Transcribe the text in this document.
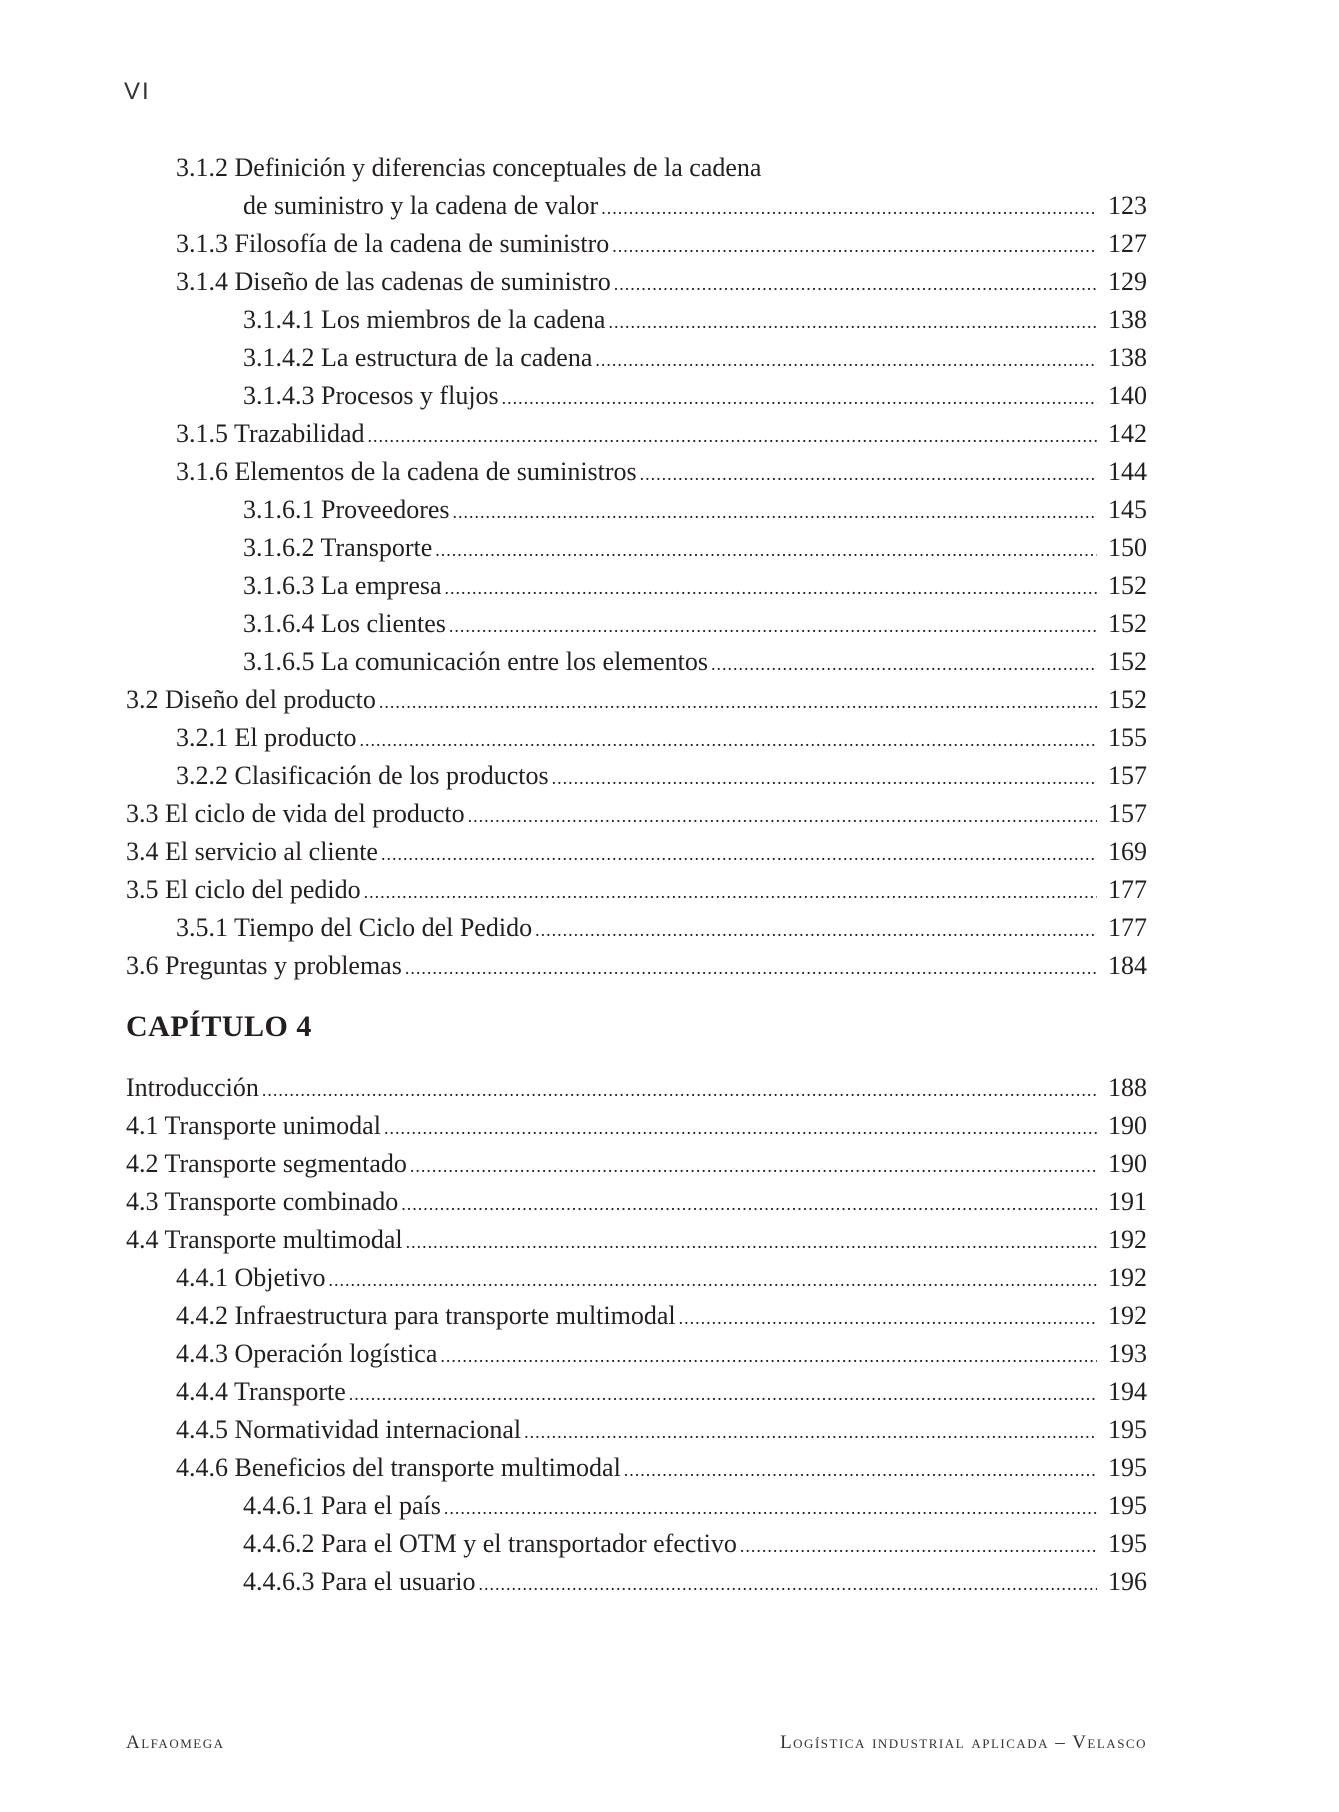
VI
3.1.2 Definición y diferencias conceptuales de la cadena
de suministro y la cadena de valor .....	123
3.1.3 Filosofía de la cadena de suministro .....	127
3.1.4 Diseño de las cadenas de suministro .....	129
3.1.4.1 Los miembros de la cadena .....	138
3.1.4.2 La estructura de la cadena .....	138
3.1.4.3 Procesos y flujos .....	140
3.1.5 Trazabilidad .....	142
3.1.6 Elementos de la cadena de suministros .....	144
3.1.6.1 Proveedores .....	145
3.1.6.2 Transporte .....	150
3.1.6.3 La empresa .....	152
3.1.6.4 Los clientes .....	152
3.1.6.5 La comunicación entre los elementos .....	152
3.2 Diseño del producto .....	152
3.2.1 El producto .....	155
3.2.2 Clasificación de los productos .....	157
3.3 El ciclo de vida del producto .....	157
3.4 El servicio al cliente .....	169
3.5 El ciclo del pedido .....	177
3.5.1 Tiempo del Ciclo del Pedido .....	177
3.6 Preguntas y problemas .....	184
CAPÍTULO 4
Introducción .....	188
4.1 Transporte unimodal .....	190
4.2 Transporte segmentado .....	190
4.3 Transporte combinado .....	191
4.4 Transporte multimodal .....	192
4.4.1 Objetivo .....	192
4.4.2 Infraestructura para transporte multimodal .....	192
4.4.3 Operación logística .....	193
4.4.4 Transporte .....	194
4.4.5 Normatividad internacional .....	195
4.4.6 Beneficios del transporte multimodal .....	195
4.4.6.1 Para el país .....	195
4.4.6.2 Para el OTM y el transportador efectivo .....	195
4.4.6.3 Para el usuario .....	196
Alfaomega	Logística industrial aplicada – Velasco
